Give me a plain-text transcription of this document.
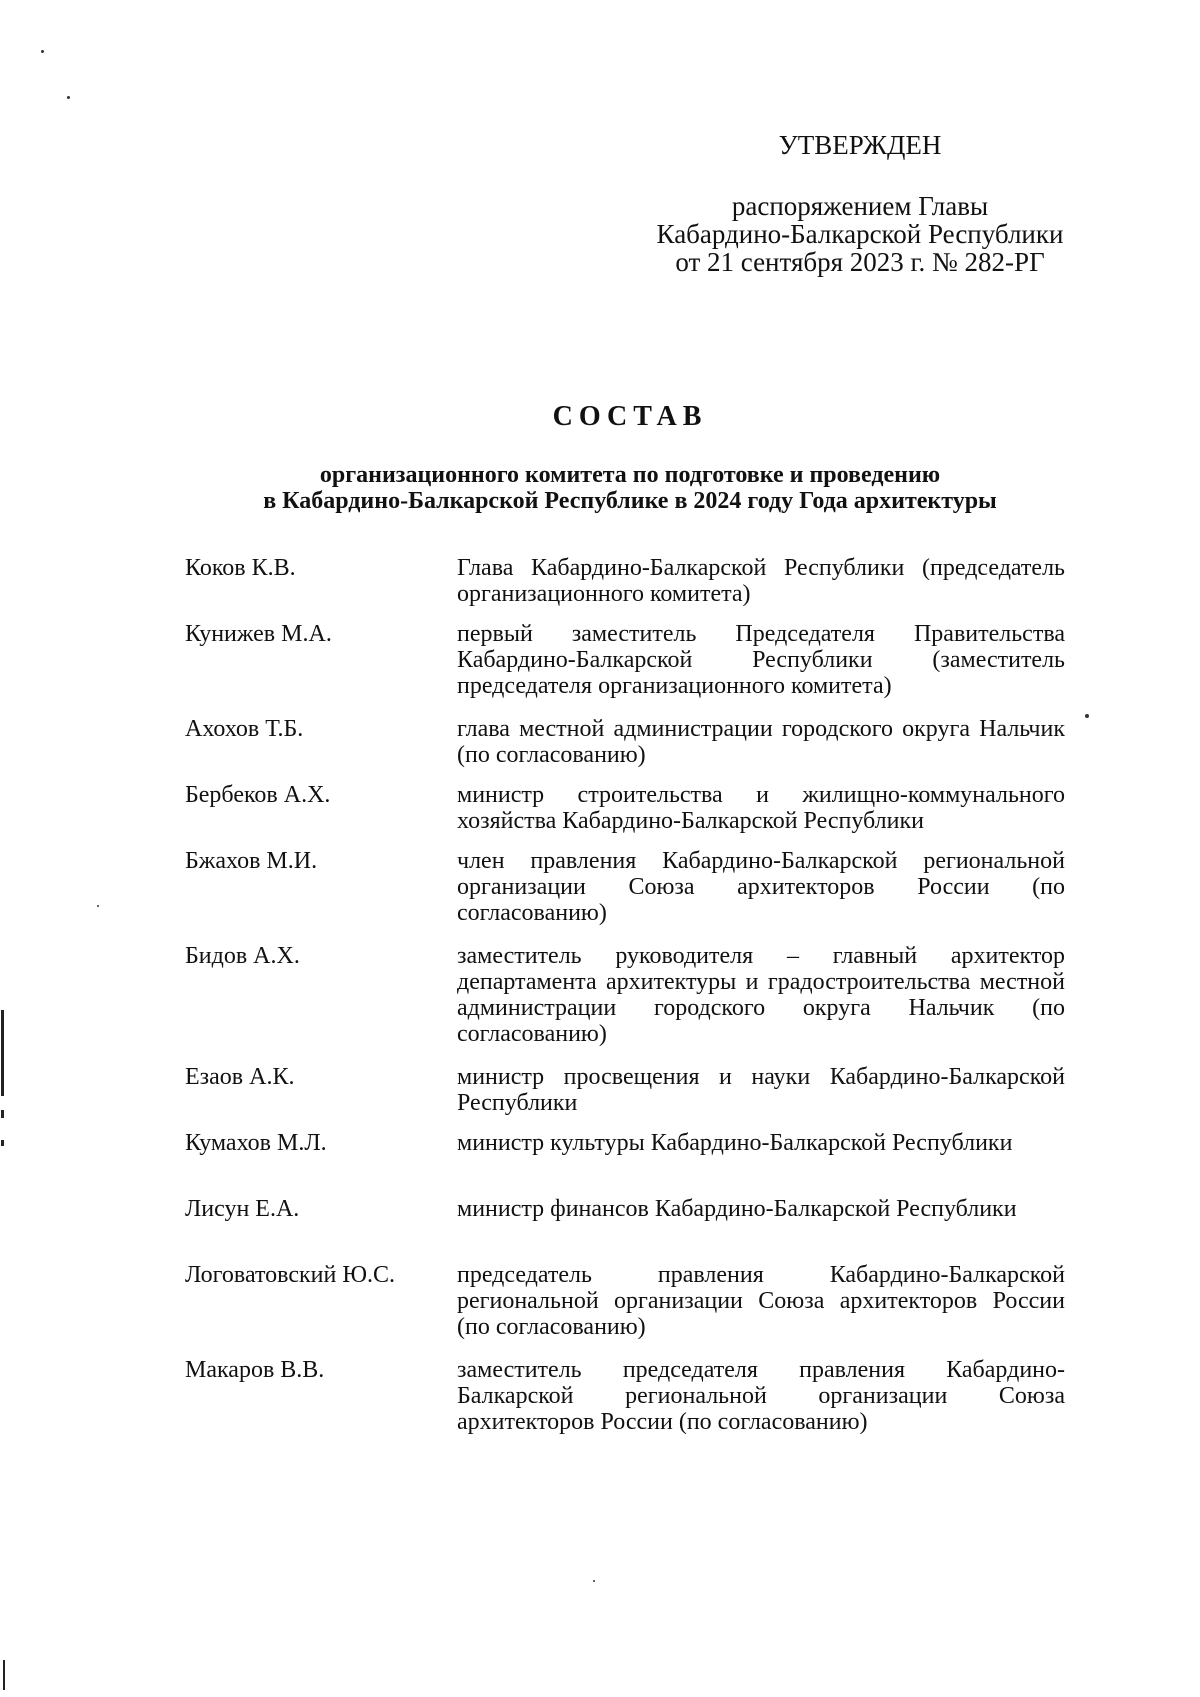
УТВЕРЖДЕН
распоряжением Главы
Кабардино-Балкарской Республики
от 21 сентября 2023 г. № 282-РГ
СОСТАВ
организационного комитета по подготовке и проведению
в Кабардино-Балкарской Республике в 2024 году Года архитектуры
Коков К.В.	Глава Кабардино-Балкарской Республики (председатель организационного комитета)
Кунижев М.А.	первый заместитель Председателя Правительства Кабардино-Балкарской Республики (заместитель председателя организационного комитета)
Ахохов Т.Б.	глава местной администрации городского округа Нальчик (по согласованию)
Бербеков А.Х.	министр строительства и жилищно-коммунального хозяйства Кабардино-Балкарской Республики
Бжахов М.И.	член правления Кабардино-Балкарской региональной организации Союза архитекторов России (по согласованию)
Бидов А.Х.	заместитель руководителя – главный архитектор департамента архитектуры и градостроительства местной администрации городского округа Нальчик (по согласованию)
Езаов А.К.	министр просвещения и науки Кабардино-Балкарской Республики
Кумахов М.Л.	министр культуры Кабардино-Балкарской Республики
Лисун Е.А.	министр финансов Кабардино-Балкарской Республики
Логоватовский Ю.С.	председатель правления Кабардино-Балкарской региональной организации Союза архитекторов России (по согласованию)
Макаров В.В.	заместитель председателя правления Кабардино-Балкарской региональной организации Союза архитекторов России (по согласованию)
